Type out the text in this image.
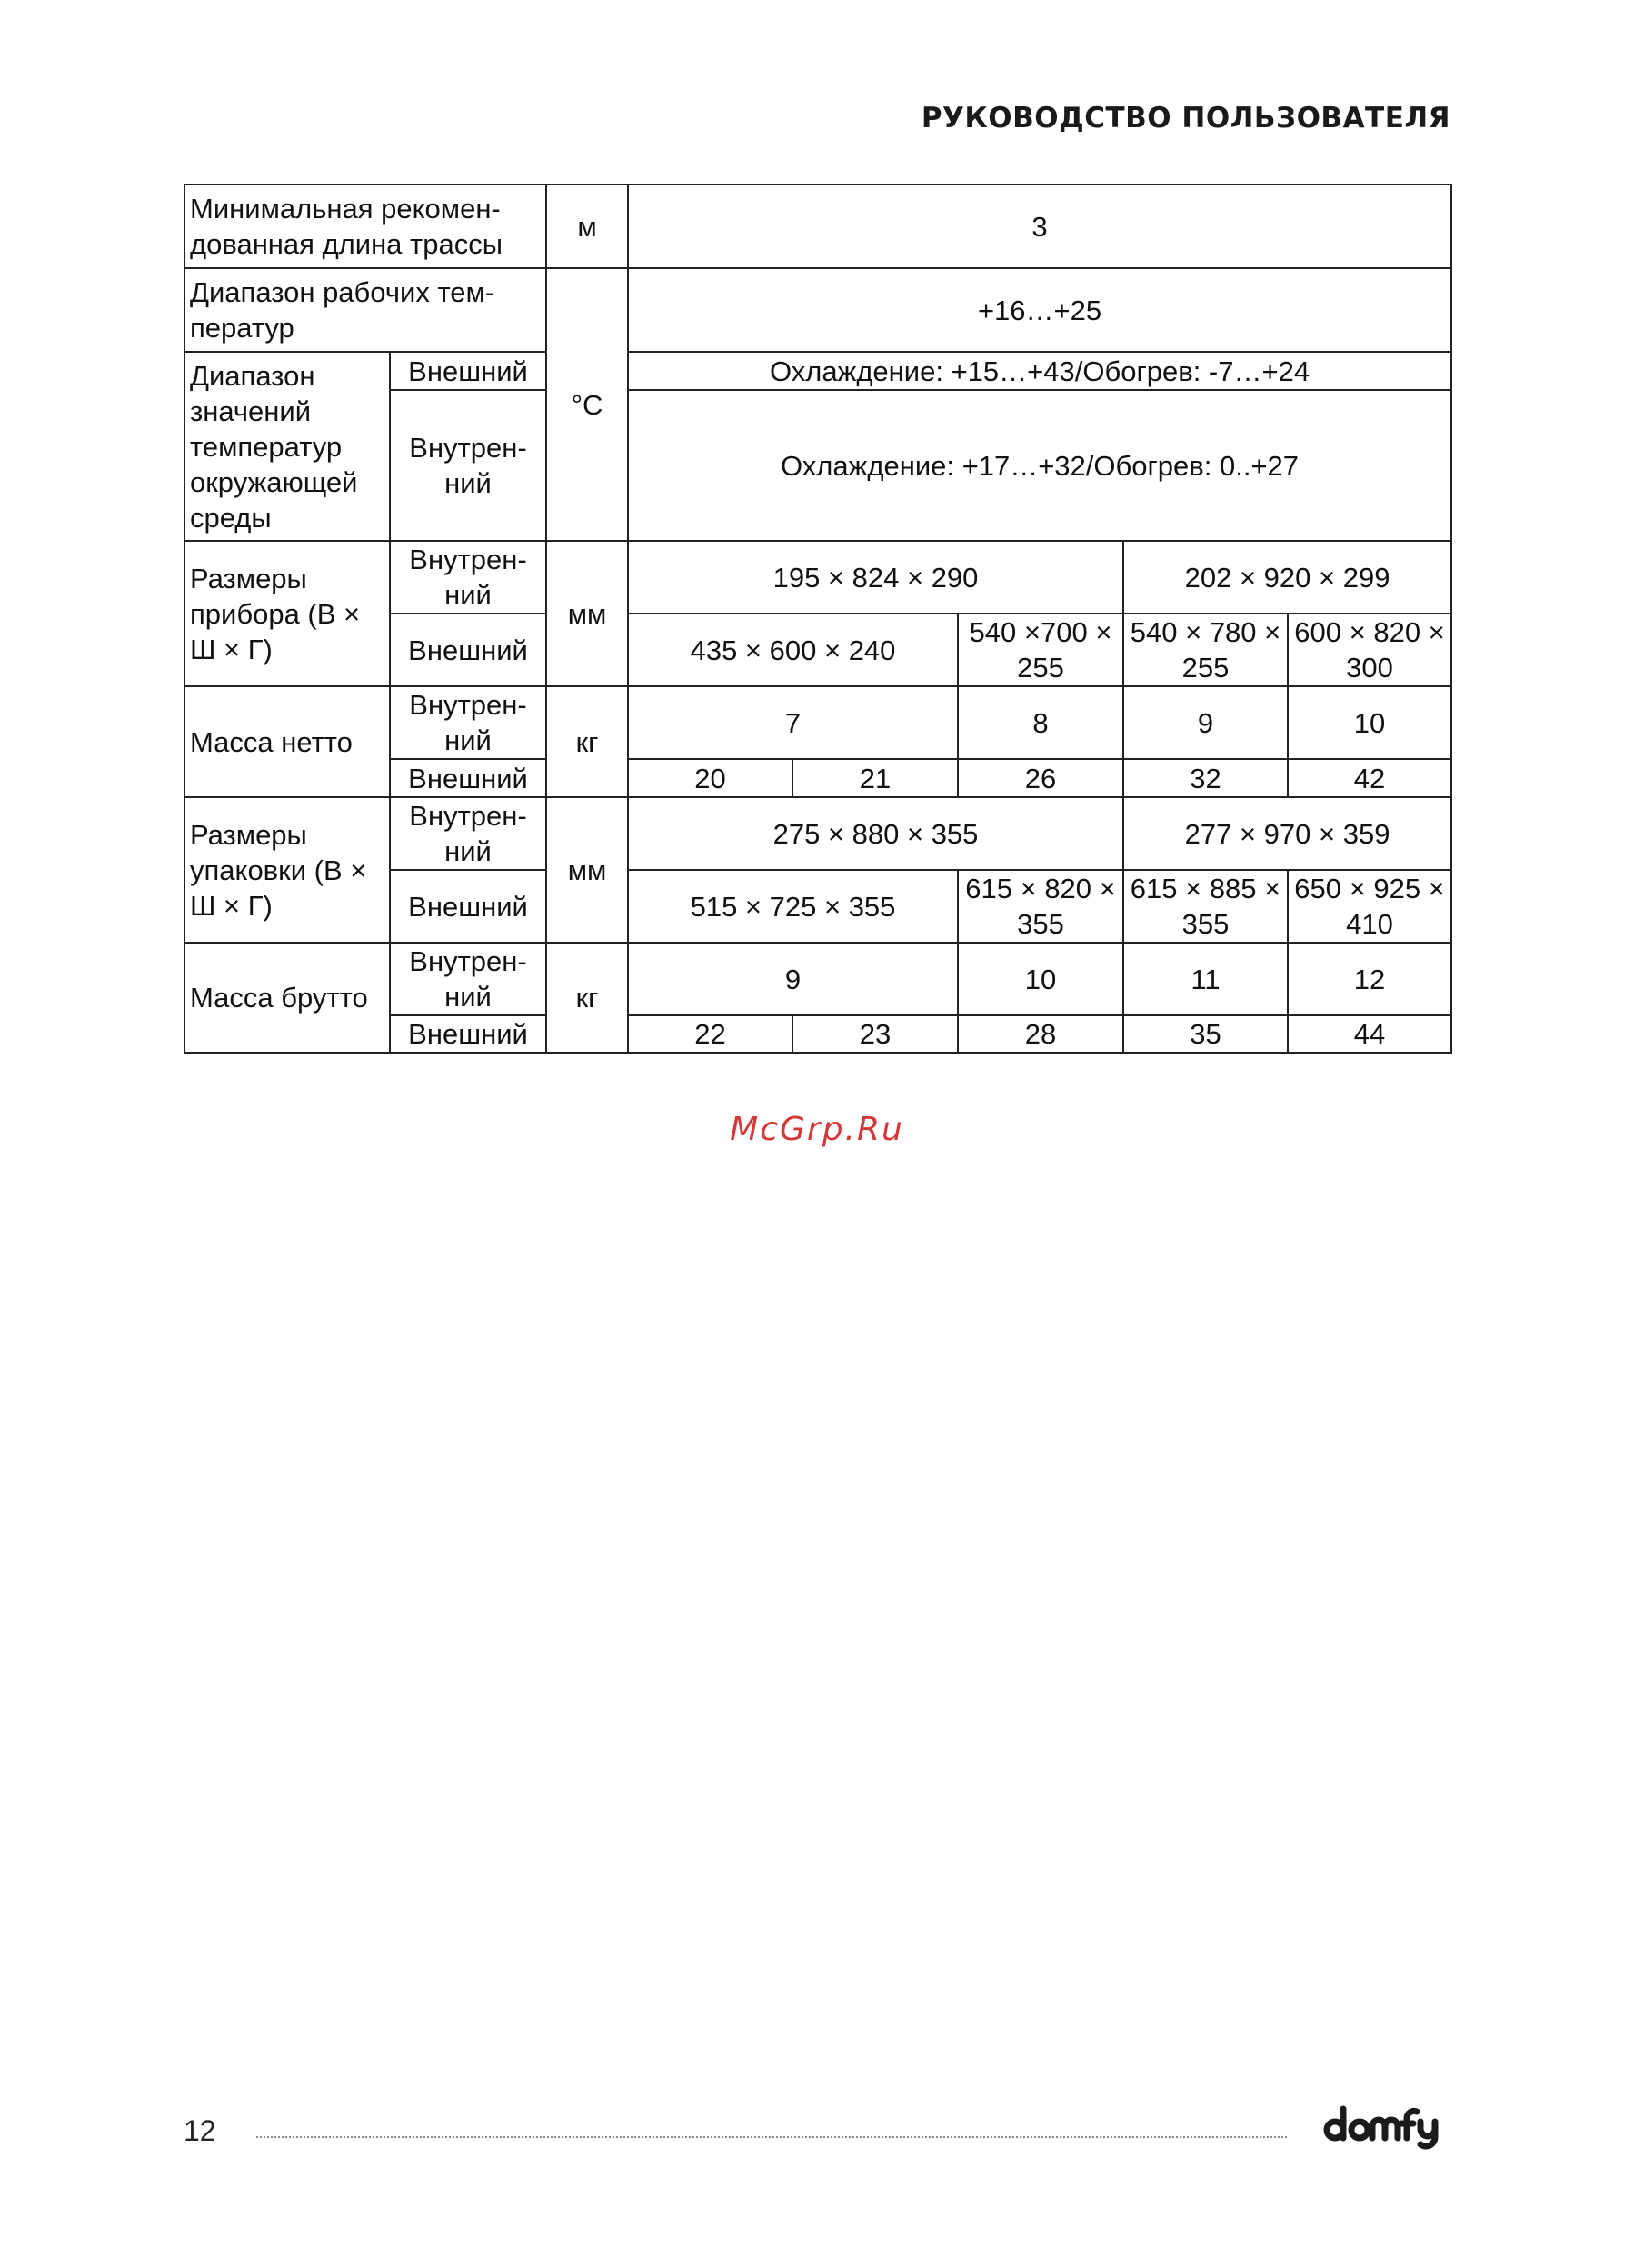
РУКОВОДСТВО ПОЛЬЗОВАТЕЛЯ
Минимальная рекомен-дованная длина трассы		м	3				
Диапазон рабочих тем-ператур		°C	+16…+25				
Диапазон значений температур окружающей среды	Внешний		Охлаждение: +15…+43/Обогрев: -7…+24				
	Внутрен-ний		Охлаждение: +17…+32/Обогрев: 0..+27				
Размеры прибора (В × Ш × Г)	Внутрен-ний	мм	195 × 824 × 290			202 × 920 × 299	
	Внешний		435 × 600 × 240		540 ×700 × 255	540 × 780 × 255	600 × 820 × 300
Масса нетто	Внутрен-ний	кг	7		8	9	10
	Внешний		20	21	26	32	42
Размеры упаковки (В × Ш × Г)	Внутрен-ний	мм	275 × 880 × 355			277 × 970 × 359	
	Внешний		515 × 725 × 355		615 × 820 × 355	615 × 885 × 355	650 × 925 × 410
Масса брутто	Внутрен-ний	кг	9		10	11	12
	Внешний		22	23	28	35	44
McGrp.Ru
12
